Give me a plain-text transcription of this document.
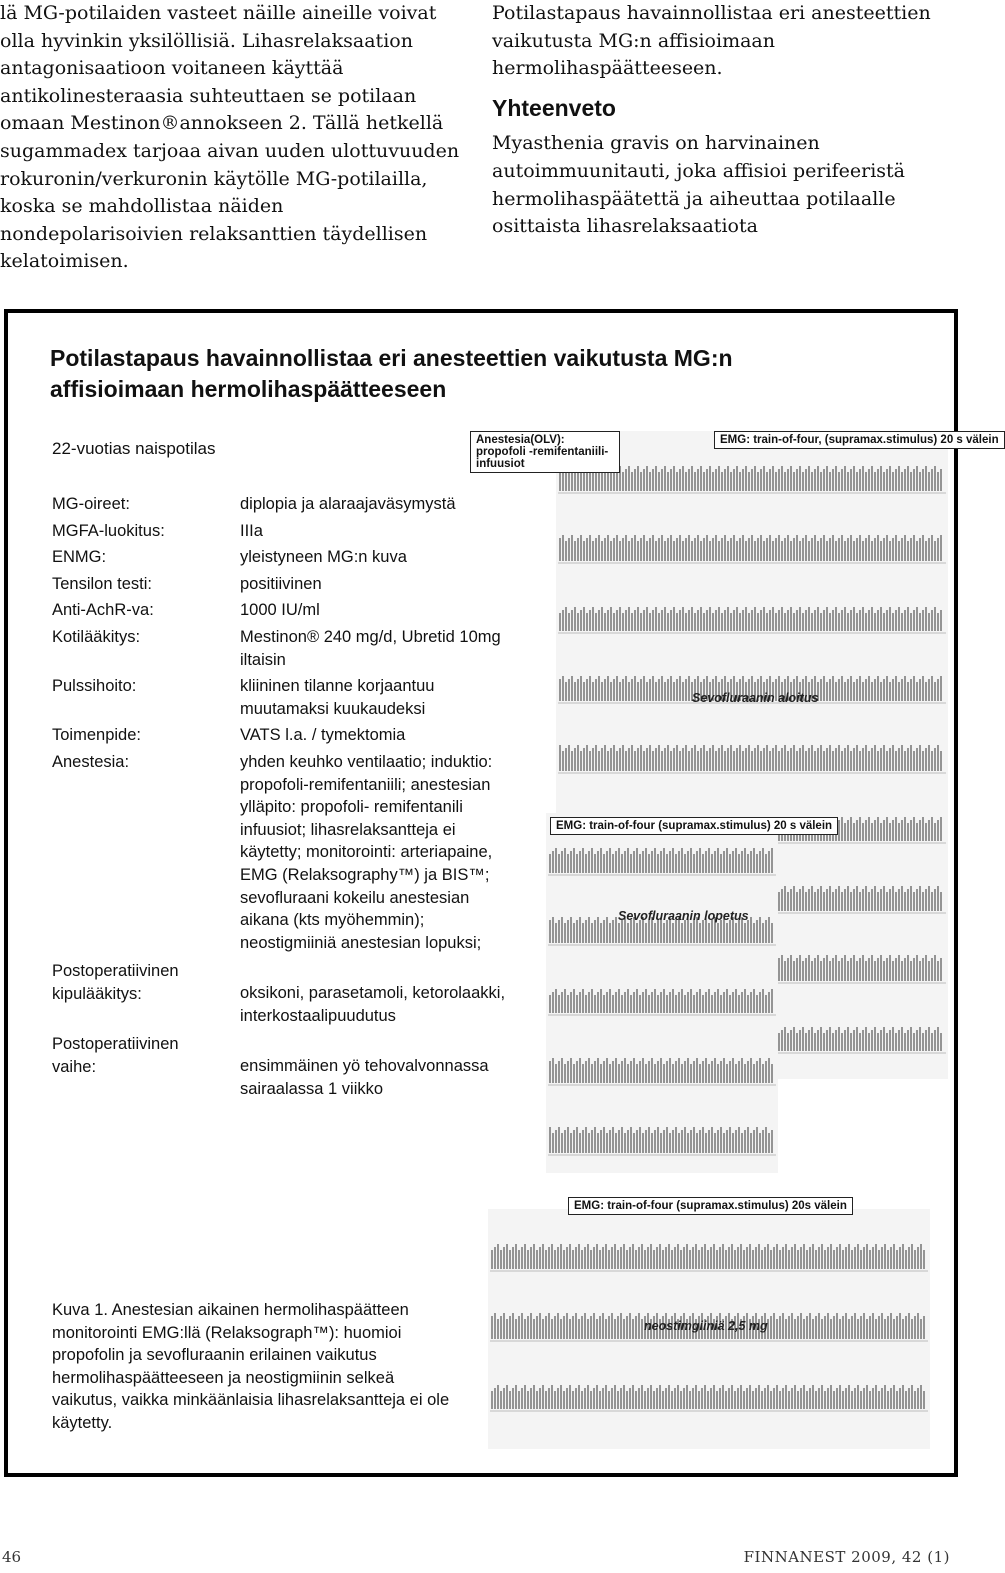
lä MG-potilaiden vasteet näille aineille voivat olla hyvinkin yksilöllisiä. Lihasrelaksaation antagonisaatioon voitaneen käyttää antikolinesteraasia suhteuttaen se potilaan omaan Mestinon®annokseen 2. Tällä hetkellä sugammadex tarjoaa aivan uuden ulottuvuuden rokuronin/verkuronin käytölle MG-potilailla, koska se mahdollistaa näiden nondepolarisoivien relaksanttien täydellisen kelatoimisen.

Potilastapaus havainnollistaa eri anesteettien vaikutusta MG:n affisioimaan hermolihaspäätteeseen.

Yhteenveto

Myasthenia gravis on harvinainen autoimmuunitauti, joka affisioi perifeeristä hermolihaspäätettä ja aiheuttaa potilaalle osittaista lihasrelaksaatiota

Potilastapaus havainnollistaa eri anesteettien vaikutusta MG:n affisioimaan hermolihaspäätteeseen
22-vuotias naispotilas
MG-oireet:	diplopia ja alaraajaväsymystä
MGFA-luokitus:	IIIa
ENMG:	yleistyneen MG:n kuva
Tensilon testi:	positiivinen
Anti-AchR-va:	1000 IU/ml
Kotilääkitys:	Mestinon® 240 mg/d, Ubretid 10mg iltaisin
Pulssihoito:	kliininen tilanne korjaantuu muutamaksi kuukaudeksi
Toimenpide:	VATS l.a. / tymektomia
Anestesia:	yhden keuhko ventilaatio; induktio: propofoli-remifentaniili; anestesian ylläpito: propofoli- remifentanili infuusiot; lihasrelaksantteja ei käytetty; monitorointi: arteriapaine, EMG (Relaksography™) ja BIS™; sevofluraani kokeilu anestesian aikana (kts myöhemmin); neostigmiiniä anestesian lopuksi;
Postoperatiivinen kipulääkitys:	oksikoni, parasetamoli, ketorolaakki, interkostaalipuudutus
Postoperatiivinen vaihe:	ensimmäinen yö tehovalvonnassa sairaalassa 1 viikko
Anestesia(OLV): propofoli -remifentaniili-infuusiot
EMG: train-of-four, (supramax.stimulus) 20 s välein
Sevofluraanin aloitus
EMG: train-of-four (supramax.stimulus) 20 s välein
Sevofluraanin lopetus
EMG: train-of-four (supramax.stimulus) 20s välein
neostimgiiniä 2,5 mg
Kuva 1. Anestesian aikainen hermolihaspäätteen monitorointi EMG:llä (Relaksograph™): huomioi propofolin ja sevofluraanin erilainen vaikutus hermolihaspäätteeseen ja neostigmiinin selkeä vaikutus, vaikka minkäänlaisia lihasrelaksantteja ei ole käytetty.
46	FINNANEST 2009, 42 (1)
